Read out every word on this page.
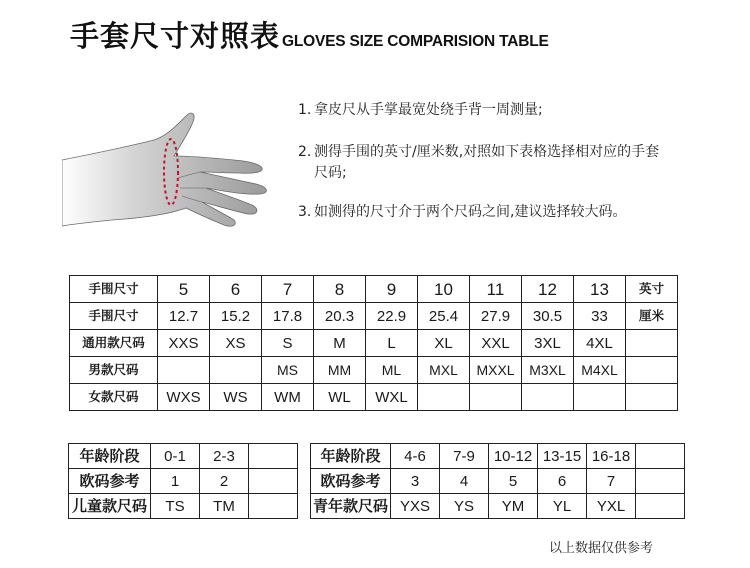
手套尺寸对照表 GLOVES SIZE COMPARISION TABLE
1. 拿皮尺从手掌最宽处绕手背一周测量;
2. 测得手围的英寸/厘米数,对照如下表格选择相对应的手套尺码;
3. 如测得的尺寸介于两个尺码之间,建议选择较大码。
手围尺寸	5	6	7	8	9	10	11	12	13	英寸
手围尺寸	12.7	15.2	17.8	20.3	22.9	25.4	27.9	30.5	33	厘米
通用款尺码	XXS	XS	S	M	L	XL	XXL	3XL	4XL	
男款尺码			MS	MM	ML	MXL	MXXL	M3XL	M4XL	
女款尺码	WXS	WS	WM	WL	WXL					
年龄阶段	0-1	2-3	
欧码参考	1	2	
儿童款尺码	TS	TM	
年龄阶段	4-6	7-9	10-12	13-15	16-18	
欧码参考	3	4	5	6	7	
青年款尺码	YXS	YS	YM	YL	YXL	
以上数据仅供参考
